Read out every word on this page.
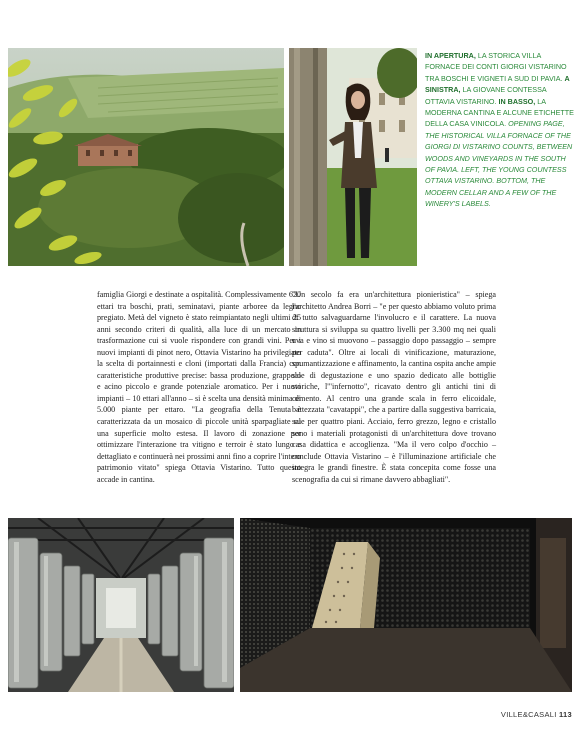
IN APERTURA, LA STORICA VILLA FORNACE DEI CONTI GIORGI VISTARINO TRA BOSCHI E VIGNETI A SUD DI PAVIA. A SINISTRA, LA GIOVANE CONTESSA OTTAVIA VISTARINO. IN BASSO, LA MODERNA CANTINA E ALCUNE ETICHETTE DELLA CASA VINICOLA. OPENING PAGE, THE HISTORICAL VILLA FORNACE OF THE GIORGI DI VISTARINO COUNTS, BETWEEN WOODS AND VINEYARDS IN THE SOUTH OF PAVIA. LEFT, THE YOUNG COUNTESS OTTAVA VISTARINO. BOTTOM, THE MODERN CELLAR AND A FEW OF THE WINERY'S LABELS.

famiglia Giorgi e destinate a ospitalità. Complessivamente 620 ettari tra boschi, prati, seminatavi, piante arboree da legno pregiato. Metà del vigneto è stato reimpiantato negli ultimi 25 anni secondo criteri di qualità, alla luce di un mercato in trasformazione cui si vuole rispondere con grandi vini. Per i nuovi impianti di pinot nero, Ottavia Vistarino ha privilegiato la scelta di portainnesti e cloni (importati dalla Francia) con caratteristiche produttive precise: bassa produzione, grappolo e acino piccolo e grande potenziale aromatico. Per i nuovi impianti – 10 ettari all'anno – si è scelta una densità minima di 5.000 piante per ettaro. "La geografia della Tenuta è caratterizzata da un mosaico di piccole unità sparpagliate su una superficie molto estesa. Il lavoro di zonazione per ottimizzare l'interazione tra vitigno e terroir è stato lungo e dettagliato e continuerà nei prossimi anni fino a coprire l'intero patrimonio vitato" spiega Ottavia Vistarino. Tutto questo accade in cantina.

"Un secolo fa era un'architettura pionieristica" – spiega l'architetto Andrea Borri – "e per questo abbiamo voluto prima di tutto salvaguardarne l'involucro e il carattere. La nuova struttura si sviluppa su quattro livelli per 3.300 mq nei quali uva e vino si muovono – passaggio dopo passaggio – sempre per caduta". Oltre ai locali di vinificazione, maturazione, spumantizzazione e affinamento, la cantina ospita anche ampie sale di degustazione e uno spazio dedicato alle bottiglie storiche, l'"infernotto", ricavato dentro gli antichi tini di cemento. Al centro una grande scala in ferro elicoidale, battezzata "cavatappi", che a partire dalla suggestiva barricaia, sale per quattro piani. Acciaio, ferro grezzo, legno e cristallo sono i materiali protagonisti di un'architettura dove trovano casa didattica e accoglienza. "Ma il vero colpo d'occhio – conclude Ottavia Vistarino – è l'illuminazione artificiale che integra le grandi finestre. È stata concepita come fosse una scenografia da cui si rimane davvero abbagliati".

VILLE&CASALI 113
